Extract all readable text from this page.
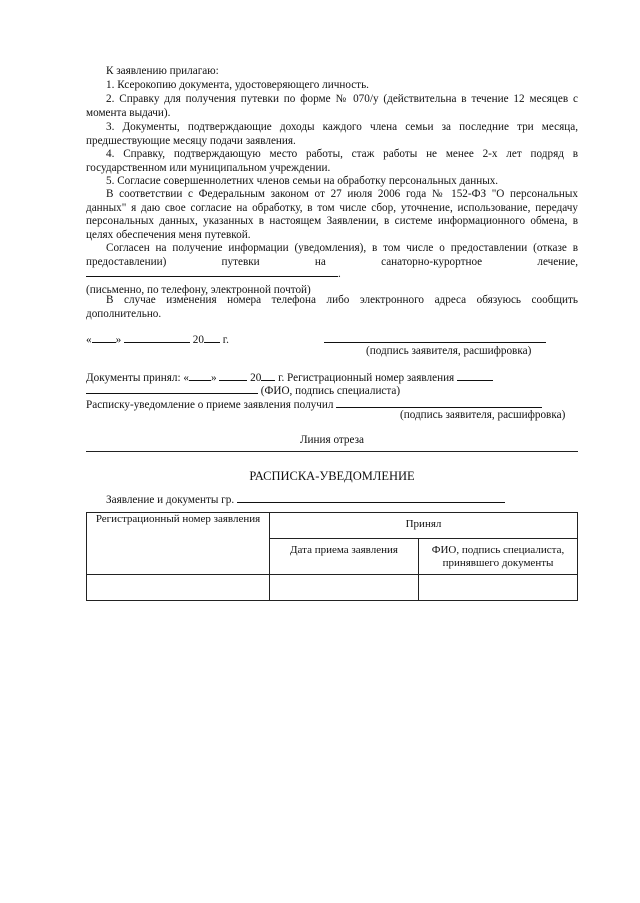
К заявлению прилагаю:

1. Ксерокопию документа, удостоверяющего личность.

2. Справку для получения путевки по форме № 070/у (действительна в течение 12 месяцев с момента выдачи).

3. Документы, подтверждающие доходы каждого члена семьи за последние три месяца, предшествующие месяцу подачи заявления.

4. Справку, подтверждающую место работы, стаж работы не менее 2-х лет подряд в государственном или муниципальном учреждении.

5. Согласие совершеннолетних членов семьи на обработку персональных данных.

В соответствии с Федеральным законом от 27 июля 2006 года № 152-ФЗ "О персональных данных" я даю свое согласие на обработку, в том числе сбор, уточнение, использование, передачу персональных данных, указанных в настоящем Заявлении, в системе информационного обмена, в целях обеспечения меня путевкой.

Согласен на получение информации (уведомления), в том числе о предоставлении (отказе в

предоставлении) путевки на санаторно-курортное лечение,

.

(письменно, по телефону, электронной почтой)

В случае изменения номера телефона либо электронного адреса обязуюсь сообщить дополнительно.

« »	20 г.

(подпись заявителя, расшифровка)

Документы принял: « »	20 г. Регистрационный номер заявления
(ФИО, подпись специалиста)
Расписку-уведомление о приеме заявления получил

(подпись заявителя, расшифровка)

Линия отреза

РАСПИСКА-УВЕДОМЛЕНИЕ

Заявление и документы гр.
Регистрационный номер заявления	Принял	
	Дата приема заявления	ФИО, подпись специалиста, принявшего документы
